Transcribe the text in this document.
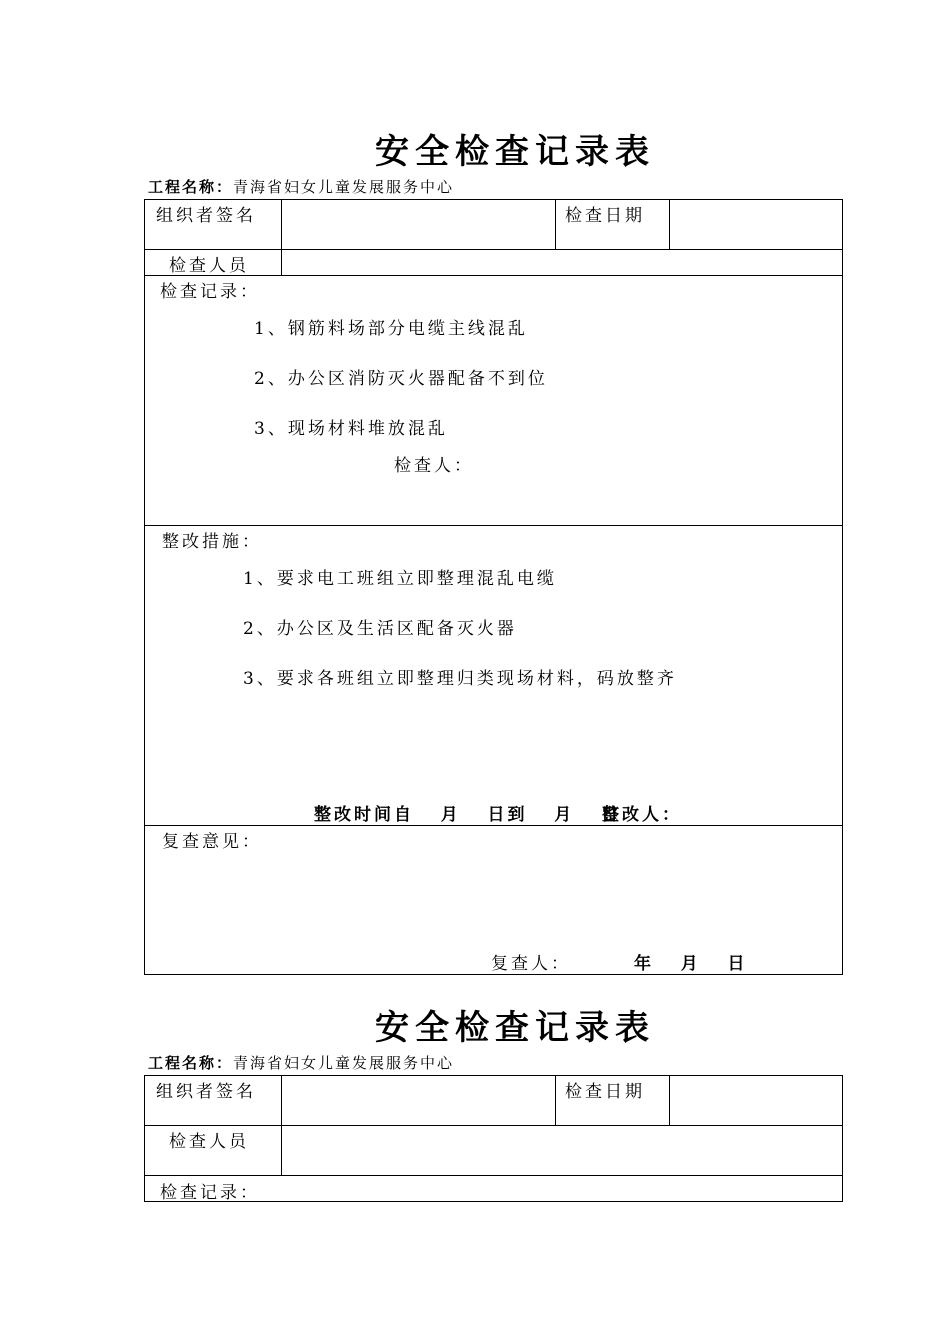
安全检查记录表
工程名称：青海省妇女儿童发展服务中心
组织者签名	检查日期
检查人员
检查记录：
1、钢筋料场部分电缆主线混乱
2、办公区消防灭火器配备不到位
3、现场材料堆放混乱
检查人：
整改措施：
1、要求电工班组立即整理混乱电缆
2、办公区及生活区配备灭火器
3、要求各班组立即整理归类现场材料，码放整齐
整改时间自   月   日到   月   日
整改人：
复查意见：
复查人：	年   月   日
安全检查记录表
工程名称：青海省妇女儿童发展服务中心
组织者签名	检查日期
检查人员
检查记录：
